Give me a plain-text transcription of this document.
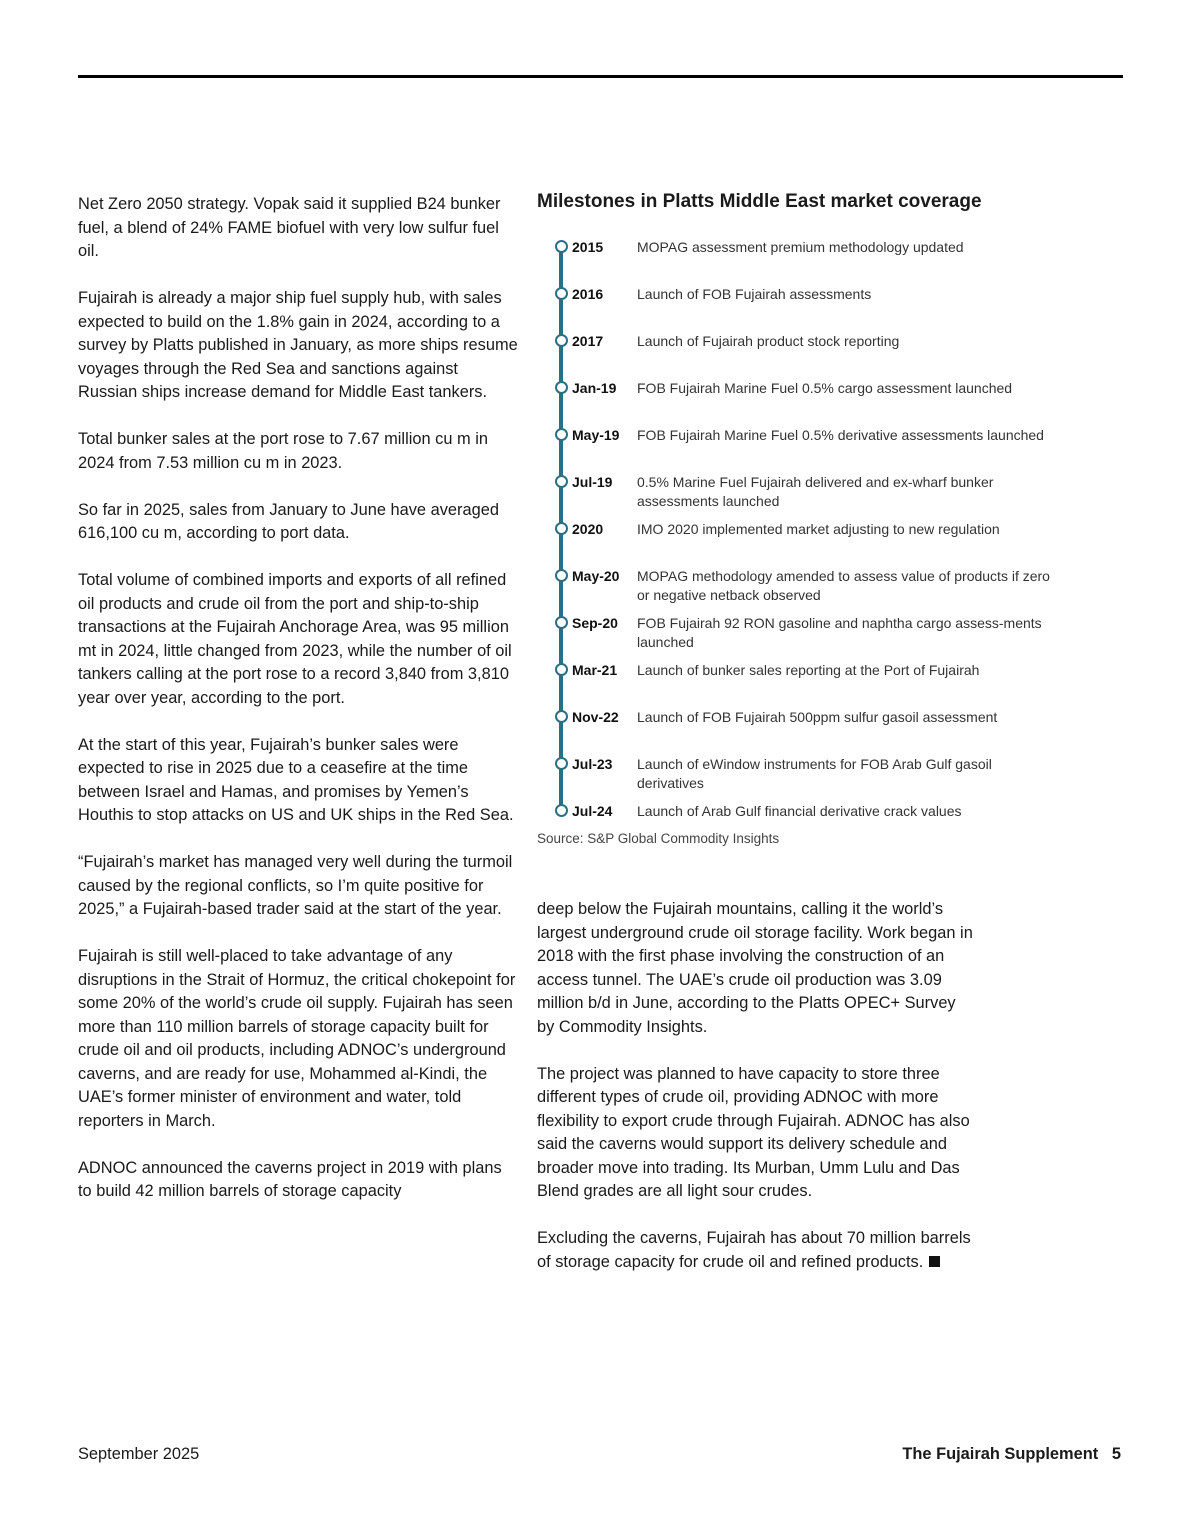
Net Zero 2050 strategy. Vopak said it supplied B24 bunker fuel, a blend of 24% FAME biofuel with very low sulfur fuel oil.

Fujairah is already a major ship fuel supply hub, with sales expected to build on the 1.8% gain in 2024, according to a survey by Platts published in January, as more ships resume voyages through the Red Sea and sanctions against Russian ships increase demand for Middle East tankers.

Total bunker sales at the port rose to 7.67 million cu m in 2024 from 7.53 million cu m in 2023.

So far in 2025, sales from January to June have averaged 616,100 cu m, according to port data.

Total volume of combined imports and exports of all refined oil products and crude oil from the port and ship-to-ship transactions at the Fujairah Anchorage Area, was 95 million mt in 2024, little changed from 2023, while the number of oil tankers calling at the port rose to a record 3,840 from 3,810 year over year, according to the port.

At the start of this year, Fujairah’s bunker sales were expected to rise in 2025 due to a ceasefire at the time between Israel and Hamas, and promises by Yemen’s Houthis to stop attacks on US and UK ships in the Red Sea.

“Fujairah’s market has managed very well during the turmoil caused by the regional conflicts, so I’m quite positive for 2025,” a Fujairah-based trader said at the start of the year.

Fujairah is still well-placed to take advantage of any disruptions in the Strait of Hormuz, the critical chokepoint for some 20% of the world’s crude oil supply. Fujairah has seen more than 110 million barrels of storage capacity built for crude oil and oil products, including ADNOC’s underground caverns, and are ready for use, Mohammed al-Kindi, the UAE’s former minister of environment and water, told reporters in March.

ADNOC announced the caverns project in 2019 with plans to build 42 million barrels of storage capacity

Milestones in Platts Middle East market coverage
2015 MOPAG assessment premium methodology updated
2016 Launch of FOB Fujairah assessments
2017 Launch of Fujairah product stock reporting
Jan-19 FOB Fujairah Marine Fuel 0.5% cargo assessment launched
May-19 FOB Fujairah Marine Fuel 0.5% derivative assessments launched
Jul-19 0.5% Marine Fuel Fujairah delivered and ex-wharf bunker assessments launched
2020 IMO 2020 implemented market adjusting to new regulation
May-20 MOPAG methodology amended to assess value of products if zero or negative netback observed
Sep-20 FOB Fujairah 92 RON gasoline and naphtha cargo assess-ments launched
Mar-21 Launch of bunker sales reporting at the Port of Fujairah
Nov-22 Launch of FOB Fujairah 500ppm sulfur gasoil assessment
Jul-23 Launch of eWindow instruments for FOB Arab Gulf gasoil derivatives
Jul-24 Launch of Arab Gulf financial derivative crack values
Source: S&P Global Commodity Insights

deep below the Fujairah mountains, calling it the world’s largest underground crude oil storage facility. Work began in 2018 with the first phase involving the construction of an access tunnel. The UAE’s crude oil production was 3.09 million b/d in June, according to the Platts OPEC+ Survey by Commodity Insights.

The project was planned to have capacity to store three different types of crude oil, providing ADNOC with more flexibility to export crude through Fujairah. ADNOC has also said the caverns would support its delivery schedule and broader move into trading. Its Murban, Umm Lulu and Das Blend grades are all light sour crudes.

Excluding the caverns, Fujairah has about 70 million barrels of storage capacity for crude oil and refined products.

September 2025	The Fujairah Supplement 5
